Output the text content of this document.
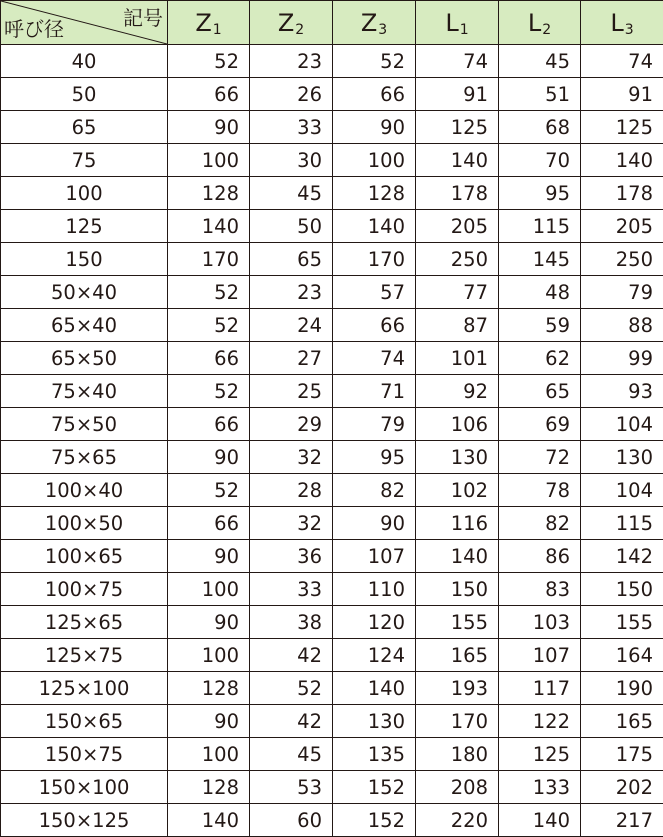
記号
呼び径	$Z_1$	$Z_2$	$Z_3$	$L_1$	$L_2$	$L_3$
40	52	23	52	74	45	74
50	66	26	66	91	51	91
65	90	33	90	125	68	125
75	100	30	100	140	70	140
100	128	45	128	178	95	178
125	140	50	140	205	115	205
150	170	65	170	250	145	250
50×40	52	23	57	77	48	79
65×40	52	24	66	87	59	88
65×50	66	27	74	101	62	99
75×40	52	25	71	92	65	93
75×50	66	29	79	106	69	104
75×65	90	32	95	130	72	130
100×40	52	28	82	102	78	104
100×50	66	32	90	116	82	115
100×65	90	36	107	140	86	142
100×75	100	33	110	150	83	150
125×65	90	38	120	155	103	155
125×75	100	42	124	165	107	164
125×100	128	52	140	193	117	190
150×65	90	42	130	170	122	165
150×75	100	45	135	180	125	175
150×100	128	53	152	208	133	202
150×125	140	60	152	220	140	217
